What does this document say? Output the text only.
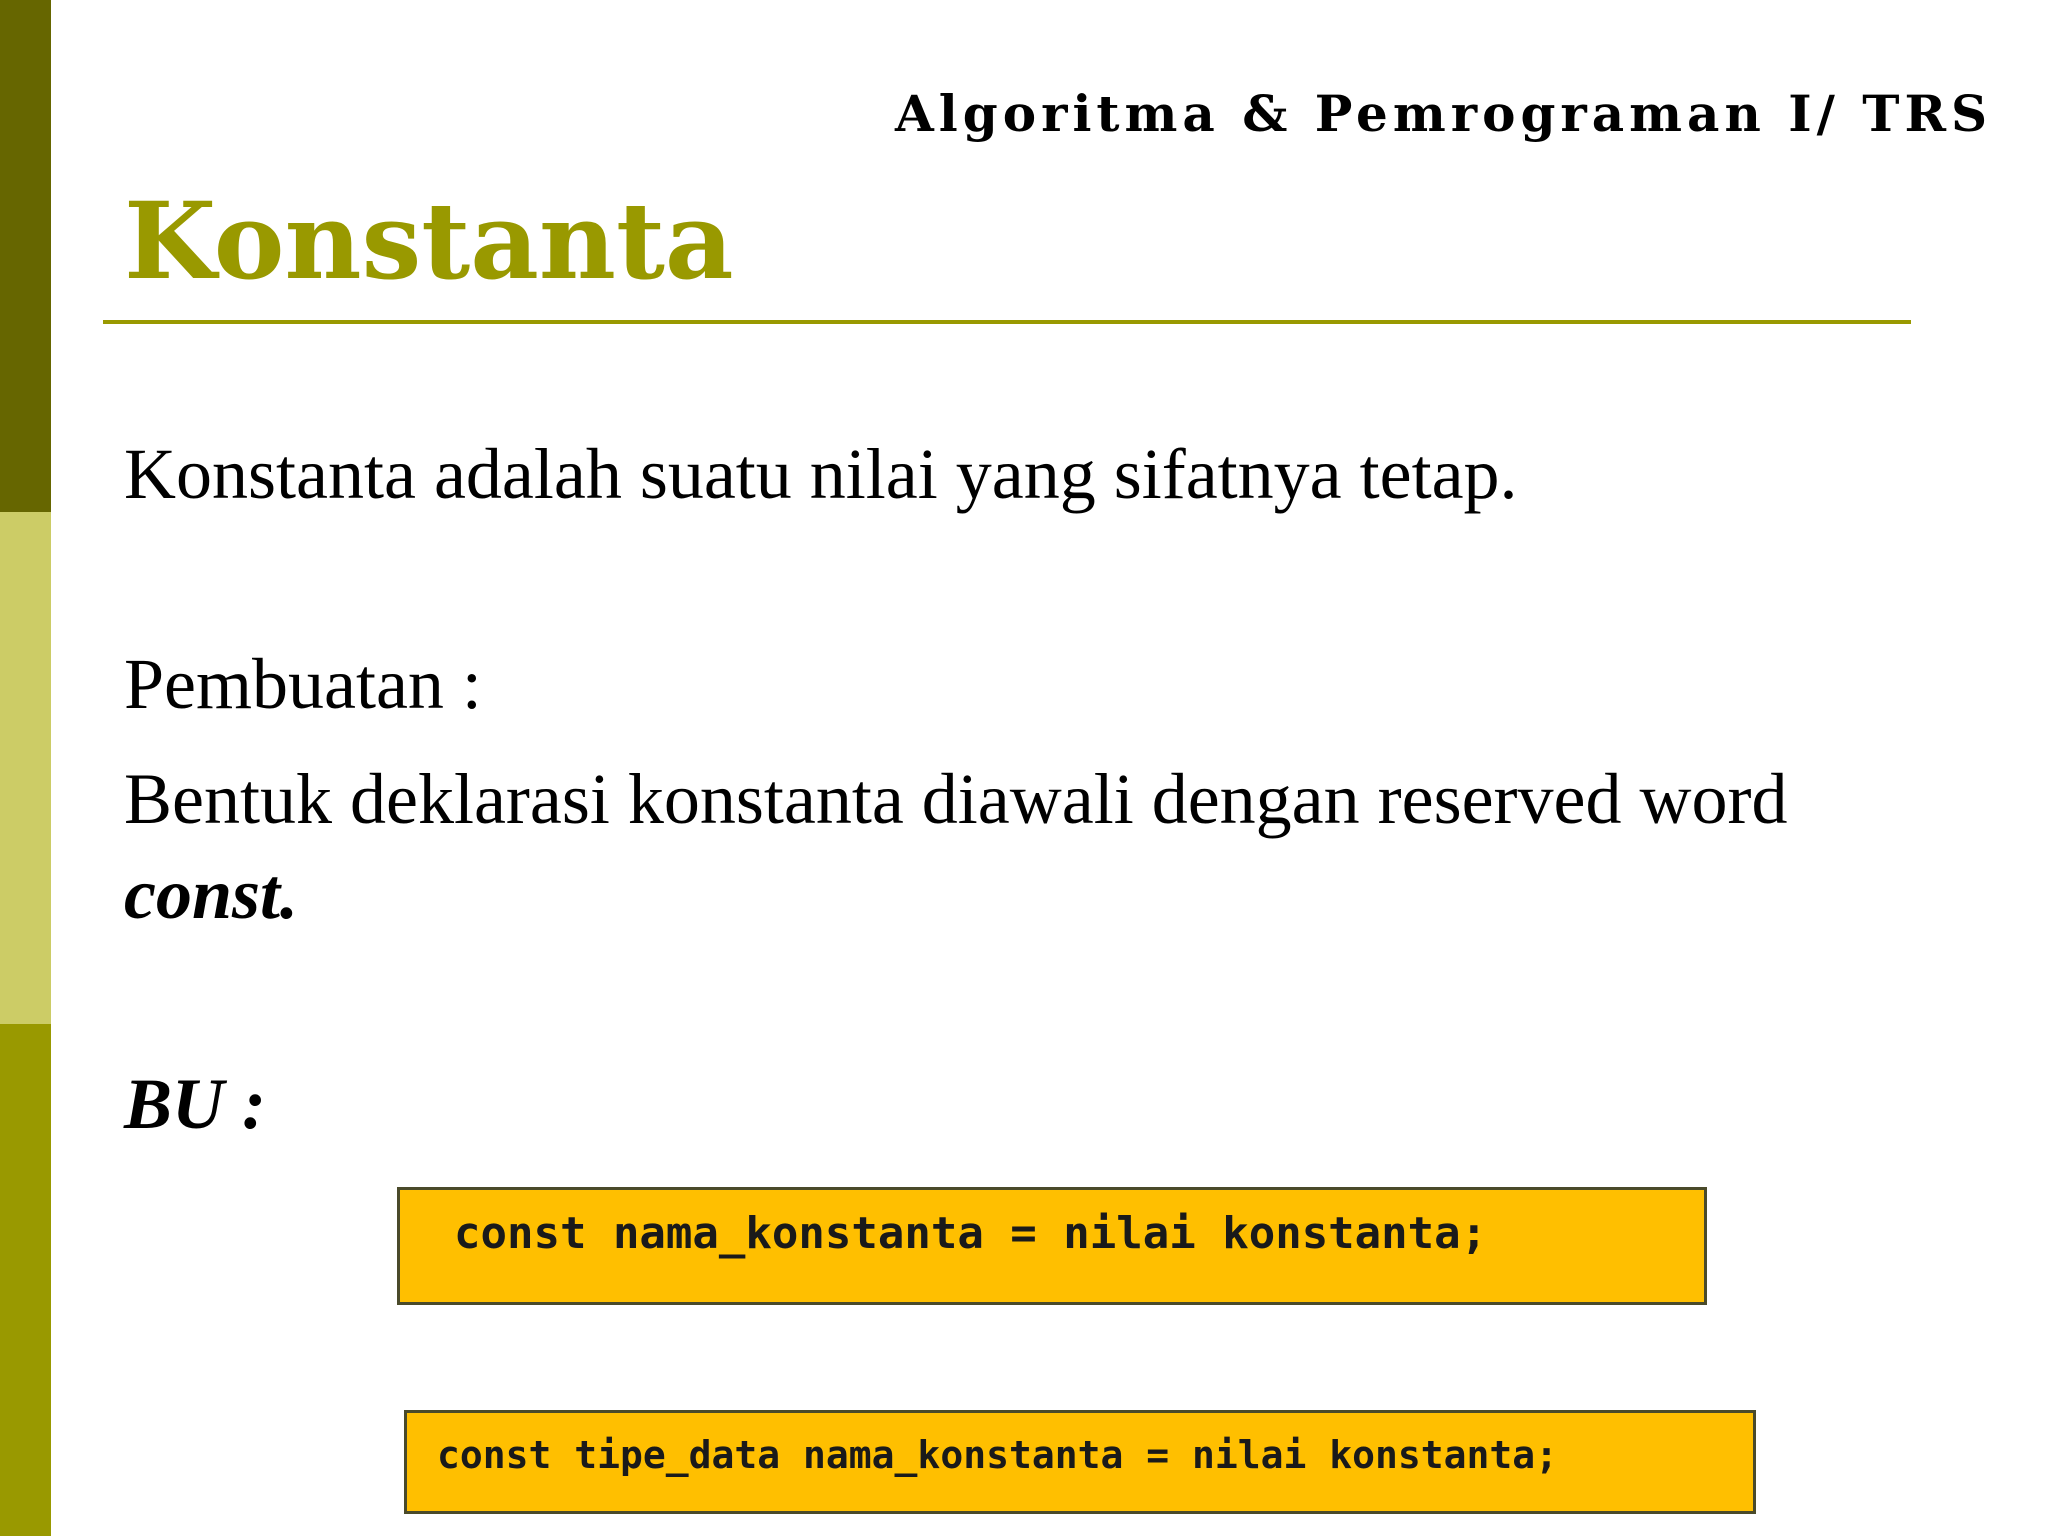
Algoritma & Pemrograman I/ TRS
Konstanta
Konstanta adalah suatu nilai yang sifatnya tetap.
Pembuatan :
Bentuk deklarasi konstanta diawali dengan reserved word
const.
BU :
const nama_konstanta = nilai konstanta;
const tipe_data nama_konstanta = nilai konstanta;
